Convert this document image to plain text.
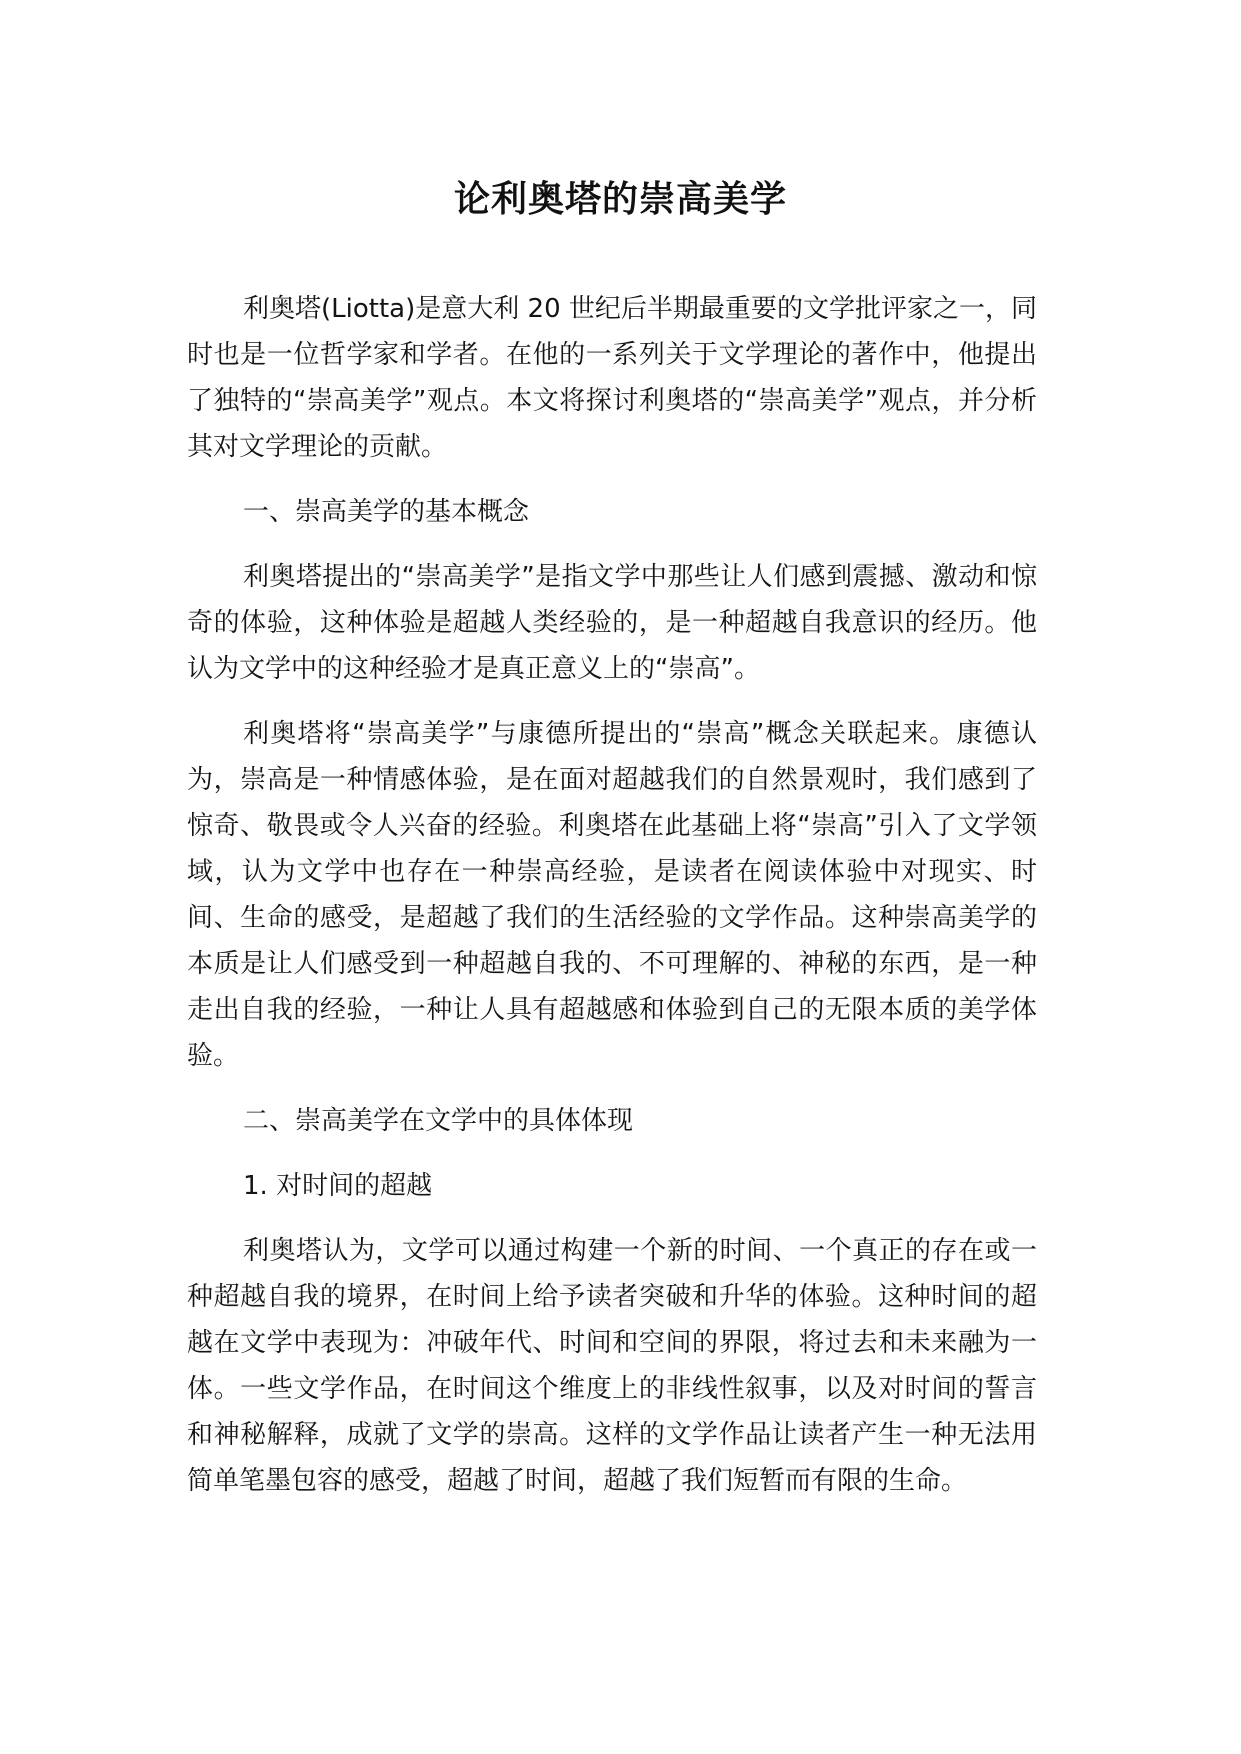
论利奥塔的崇高美学

利奥塔(Liotta)是意大利 20 世纪后半期最重要的文学批评家之一，同时也是一位哲学家和学者。在他的一系列关于文学理论的著作中，他提出了独特的“崇高美学”观点。本文将探讨利奥塔的“崇高美学”观点，并分析其对文学理论的贡献。

一、崇高美学的基本概念

利奥塔提出的“崇高美学”是指文学中那些让人们感到震撼、激动和惊奇的体验，这种体验是超越人类经验的，是一种超越自我意识的经历。他认为文学中的这种经验才是真正意义上的“崇高”。

利奥塔将“崇高美学”与康德所提出的“崇高”概念关联起来。康德认为，崇高是一种情感体验，是在面对超越我们的自然景观时，我们感到了惊奇、敬畏或令人兴奋的经验。利奥塔在此基础上将“崇高”引入了文学领域，认为文学中也存在一种崇高经验，是读者在阅读体验中对现实、时间、生命的感受，是超越了我们的生活经验的文学作品。这种崇高美学的本质是让人们感受到一种超越自我的、不可理解的、神秘的东西，是一种走出自我的经验，一种让人具有超越感和体验到自己的无限本质的美学体验。

二、崇高美学在文学中的具体体现

1. 对时间的超越

利奥塔认为，文学可以通过构建一个新的时间、一个真正的存在或一种超越自我的境界，在时间上给予读者突破和升华的体验。这种时间的超越在文学中表现为：冲破年代、时间和空间的界限，将过去和未来融为一体。一些文学作品，在时间这个维度上的非线性叙事，以及对时间的誓言和神秘解释，成就了文学的崇高。这样的文学作品让读者产生一种无法用简单笔墨包容的感受，超越了时间，超越了我们短暂而有限的生命。
